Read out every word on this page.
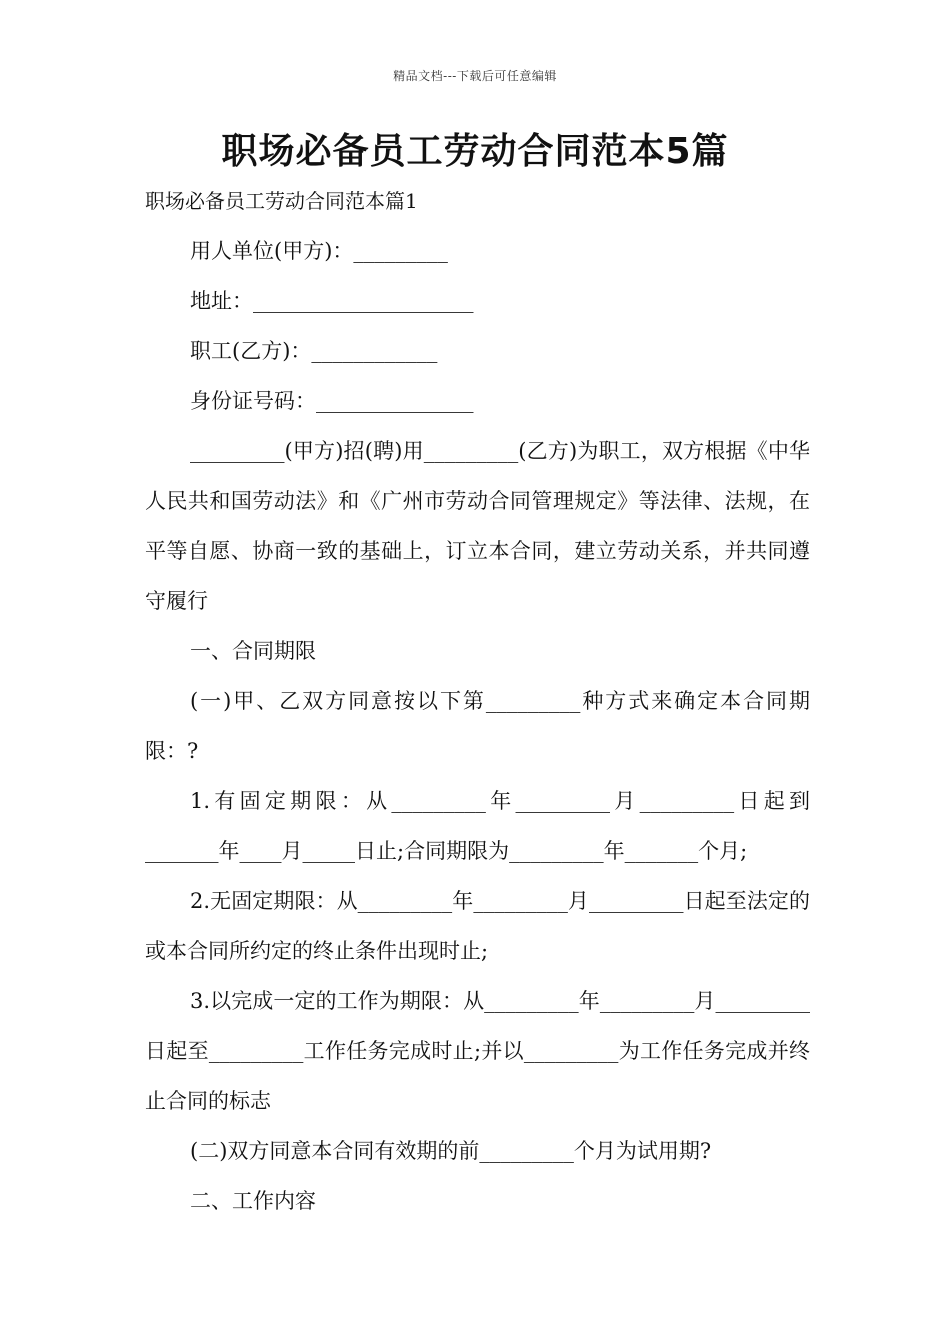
精品文档---下载后可任意编辑
职场必备员工劳动合同范本5篇
职场必备员工劳动合同范本篇1

用人单位(甲方)：_________

地址：_____________________

职工(乙方)：____________

身份证号码：_______________

_________(甲方)招(聘)用_________(乙方)为职工，双方根据《中华人民共和国劳动法》和《广州市劳动合同管理规定》等法律、法规，在平等自愿、协商一致的基础上，订立本合同，建立劳动关系，并共同遵守履行

一、合同期限

(一)甲、乙双方同意按以下第_________种方式来确定本合同期限：?

1.有固定期限：从_________年_________月_________日起到_______年____月_____日止;合同期限为_________年_______个月;

2.无固定期限：从_________年_________月_________日起至法定的或本合同所约定的终止条件出现时止;

3.以完成一定的工作为期限：从_________年_________月_________日起至_________工作任务完成时止;并以_________为工作任务完成并终止合同的标志

(二)双方同意本合同有效期的前_________个月为试用期?

二、工作内容
